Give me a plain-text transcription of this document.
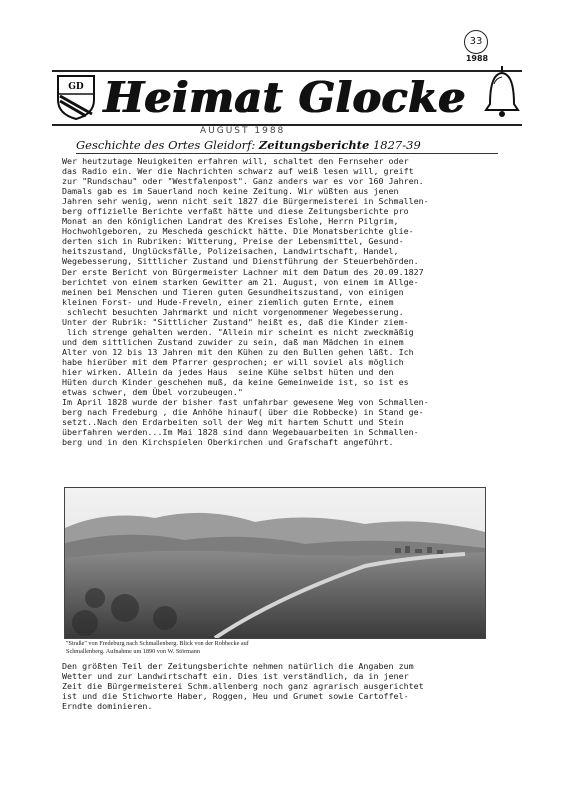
GD Heimat Glocke
33
1988
AUGUST 1988
Geschichte des Ortes Gleidorf: Zeitungsberichte 1827-39
Wer heutzutage Neuigkeiten erfahren will, schaltet den Fernseher oder
das Radio ein. Wer die Nachrichten schwarz auf weiß lesen will, greift
zur "Rundschau" oder "Westfalenpost". Ganz anders war es vor 160 Jahren.
Damals gab es im Sauerland noch keine Zeitung. Wir wüßten aus jenen
Jahren sehr wenig, wenn nicht seit 1827 die Bürgermeisterei in Schmallen-
berg offizielle Berichte verfaßt hätte und diese Zeitungsberichte pro
Monat an den königlichen Landrat des Kreises Eslohe, Herrn Pilgrim,
Hochwohlgeboren, zu Mescheda geschickt hätte. Die Monatsberichte glie-
derten sich in Rubriken: Witterung, Preise der Lebensmittel, Gesund-
heitszustand, Unglücksfälle, Polizeisachen, Landwirtschaft, Handel,
Wegebesserung, Sittlicher Zustand und Dienstführung der Steuerbehörden.
Der erste Bericht von Bürgermeister Lachner mit dem Datum des 20.09.1827
berichtet von einem starken Gewitter am 21. August, von einem im Allge-
meinen bei Menschen und Tieren guten Gesundheitszustand, von einigen
kleinen Forst- und Hude-Freveln, einer ziemlich guten Ernte, einem
schlecht besuchten Jahrmarkt und nicht vorgenommener Wegebesserung.
Unter der Rubrik: "Sittlicher Zustand" heißt es, daß die Kinder ziem-
lich strenge gehalten werden. "Allein mir scheint es nicht zweckmäßig
und dem sittlichen Zustand zuwider zu sein, daß man Mädchen in einem
Alter von 12 bis 13 Jahren mit den Kühen zu den Bullen gehen läßt. Ich
habe hierüber mit dem Pfarrer gesprochen; er will soviel als möglich
hier wirken. Allein da jedes Haus  seine Kühe selbst hüten und den
Hüten durch Kinder geschehen muß, da keine Gemeinweide ist, so ist es
etwas schwer, dem Übel vorzubeugen."
Im April 1828 wurde der bisher fast unfahrbar gewesene Weg von Schmallen-
berg nach Fredeburg , die Anhöhe hinauf( über die Robbecke) in Stand ge-
setzt..Nach den Erdarbeiten soll der Weg mit hartem Schutt und Stein
überfahren werden...Im Mai 1828 sind dann Wegebauarbeiten in Schmallen-
berg und in den Kirchspielen Oberkirchen und Grafschaft angeführt.
"Straße" von Fredeburg nach Schmallenberg. Blick von der Robbecke auf
Schmallenberg. Aufnahme um 1890 von W. Störmann
Den größten Teil der Zeitungsberichte nehmen natürlich die Angaben zum
Wetter und zur Landwirtschaft ein. Dies ist verständlich, da in jener
Zeit die Bürgermeisterei Schm.allenberg noch ganz agrarisch ausgerichtet
ist und die Stichworte Haber, Roggen, Heu und Grumet sowie Cartoffel-
Erndte dominieren.
